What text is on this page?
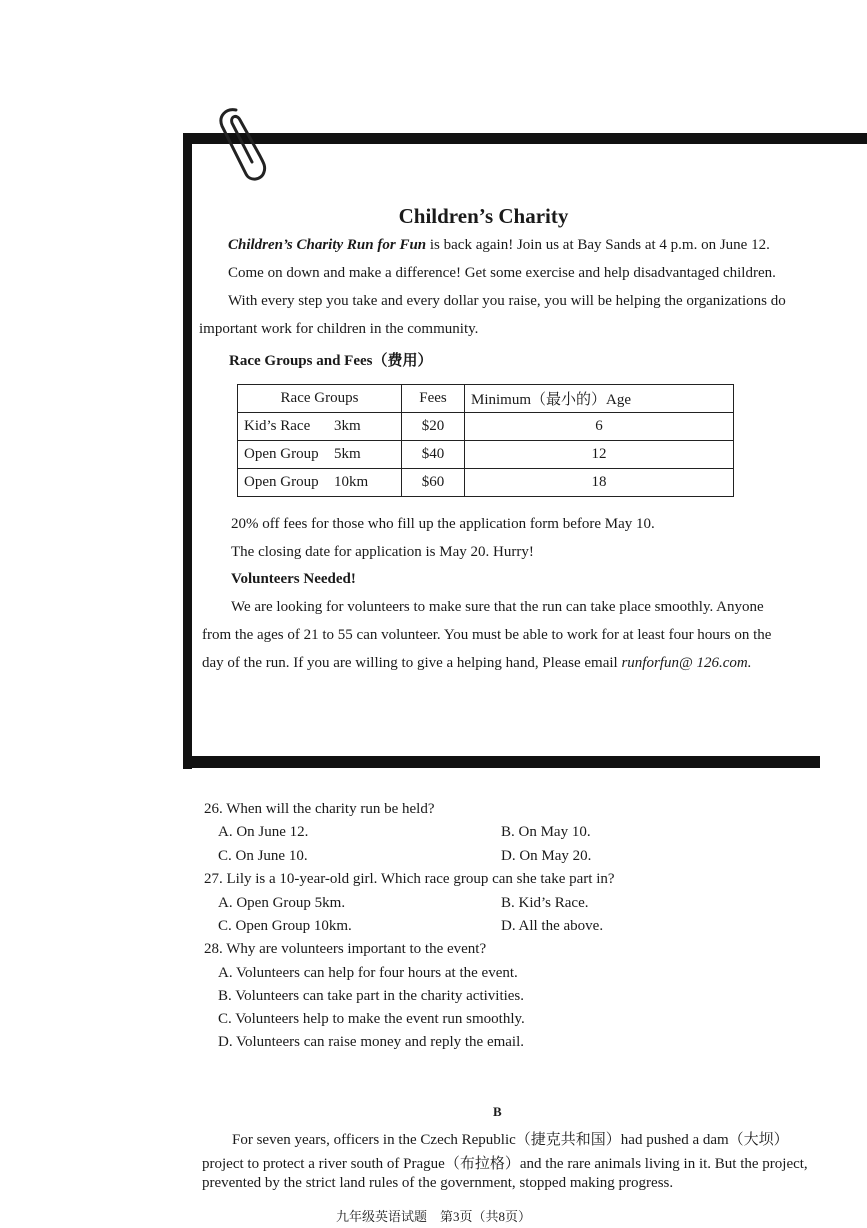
Children’s Charity
Children’s Charity Run for Fun is back again! Join us at Bay Sands at 4 p.m. on June 12.
Come on down and make a difference! Get some exercise and help disadvantaged children.
With every step you take and every dollar you raise, you will be helping the organizations do
important work for children in the community.
Race Groups and Fees（费用）
Race Groups	Fees	Minimum（最小的）Age
Kid’s Race 3km	$20	6
Open Group 5km	$40	12
Open Group 10km	$60	18
20% off fees for those who fill up the application form before May 10.
The closing date for application is May 20. Hurry!
Volunteers Needed!
We are looking for volunteers to make sure that the run can take place smoothly. Anyone
from the ages of 21 to 55 can volunteer. You must be able to work for at least four hours on the
day of the run. If you are willing to give a helping hand, Please email runforfun@ 126.com.
26. When will the charity run be held?
A. On June 12.	B. On May 10.
C. On June 10.	D. On May 20.
27. Lily is a 10-year-old girl. Which race group can she take part in?
A. Open Group 5km.	B. Kid’s Race.
C. Open Group 10km.	D. All the above.
28. Why are volunteers important to the event?
A. Volunteers can help for four hours at the event.
B. Volunteers can take part in the charity activities.
C. Volunteers help to make the event run smoothly.
D. Volunteers can raise money and reply the email.
B
For seven years, officers in the Czech Republic（捷克共和国）had pushed a dam（大坝）
project to protect a river south of Prague（布拉格）and the rare animals living in it. But the project,
prevented by the strict land rules of the government, stopped making progress.
九年级英语试题　第3页（共8页）
